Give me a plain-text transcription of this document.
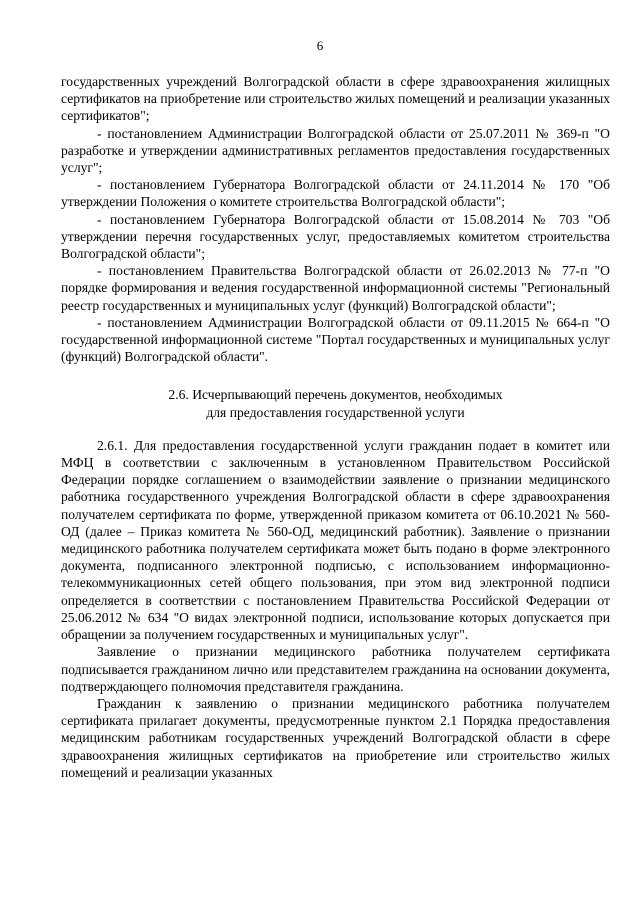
6

государственных учреждений Волгоградской области в сфере здравоохранения жилищных сертификатов на приобретение или строительство жилых помещений и реализации указанных сертификатов";

- постановлением Администрации Волгоградской области от 25.07.2011 № 369-п "О разработке и утверждении административных регламентов предоставления государственных услуг";

- постановлением Губернатора Волгоградской области от 24.11.2014 № 170 "Об утверждении Положения о комитете строительства Волгоградской области";

- постановлением Губернатора Волгоградской области от 15.08.2014 № 703 "Об утверждении перечня государственных услуг, предоставляемых комитетом строительства Волгоградской области";

- постановлением Правительства Волгоградской области от 26.02.2013 № 77-п "О порядке формирования и ведения государственной информационной системы "Региональный реестр государственных и муниципальных услуг (функций) Волгоградской области";

- постановлением Администрации Волгоградской области от 09.11.2015 № 664-п "О государственной информационной системе "Портал государственных и муниципальных услуг (функций) Волгоградской области".

2.6. Исчерпывающий перечень документов, необходимых
для предоставления государственной услуги

2.6.1. Для предоставления государственной услуги гражданин подает в комитет или МФЦ в соответствии с заключенным в установленном Правительством Российской Федерации порядке соглашением о взаимодействии заявление о признании медицинского работника государственного учреждения Волгоградской области в сфере здравоохранения получателем сертификата по форме, утвержденной приказом комитета от 06.10.2021 № 560-ОД (далее – Приказ комитета № 560-ОД, медицинский работник). Заявление о признании медицинского работника получателем сертификата может быть подано в форме электронного документа, подписанного электронной подписью, с использованием информационно-телекоммуникационных сетей общего пользования, при этом вид электронной подписи определяется в соответствии с постановлением Правительства Российской Федерации от 25.06.2012 № 634 "О видах электронной подписи, использование которых допускается при обращении за получением государственных и муниципальных услуг".

Заявление о признании медицинского работника получателем сертификата подписывается гражданином лично или представителем гражданина на основании документа, подтверждающего полномочия представителя гражданина.

Гражданин к заявлению о признании медицинского работника получателем сертификата прилагает документы, предусмотренные пунктом 2.1 Порядка предоставления медицинским работникам государственных учреждений Волгоградской области в сфере здравоохранения жилищных сертификатов на приобретение или строительство жилых помещений и реализации указанных
